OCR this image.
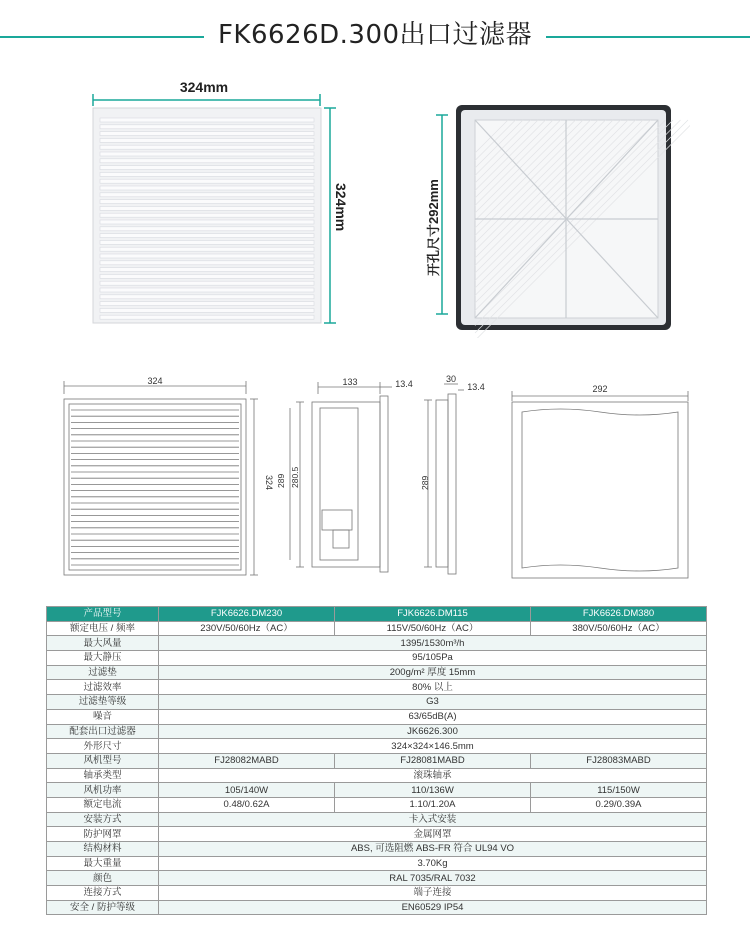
FK6626D.300出口过滤器
324mm
324mm	开孔尺寸292mm
324
324
133	13.4
289 280.5
30
13.4
289
292
产品型号	FJK6626.DM230	FJK6626.DM115	FJK6626.DM380
额定电压 / 频率	230V/50/60Hz（AC）	115V/50/60Hz（AC）	380V/50/60Hz（AC）
最大风量	1395/1530m³/h		
最大静压	95/105Pa		
过滤垫	200g/m² 厚度 15mm		
过滤效率	80% 以上		
过滤垫等级	G3		
噪音	63/65dB(A)		
配套出口过滤器	JK6626.300		
外形尺寸	324×324×146.5mm		
风机型号	FJ28082MABD	FJ28081MABD	FJ28083MABD
轴承类型	滚珠轴承		
风机功率	105/140W	110/136W	115/150W
额定电流	0.48/0.62A	1.10/1.20A	0.29/0.39A
安装方式	卡入式安装		
防护网罩	金属网罩		
结构材料	ABS, 可选阻燃 ABS-FR 符合 UL94 VO		
最大重量	3.70Kg		
颜色	RAL 7035/RAL 7032		
连接方式	端子连接		
安全 / 防护等级	EN60529 IP54		
